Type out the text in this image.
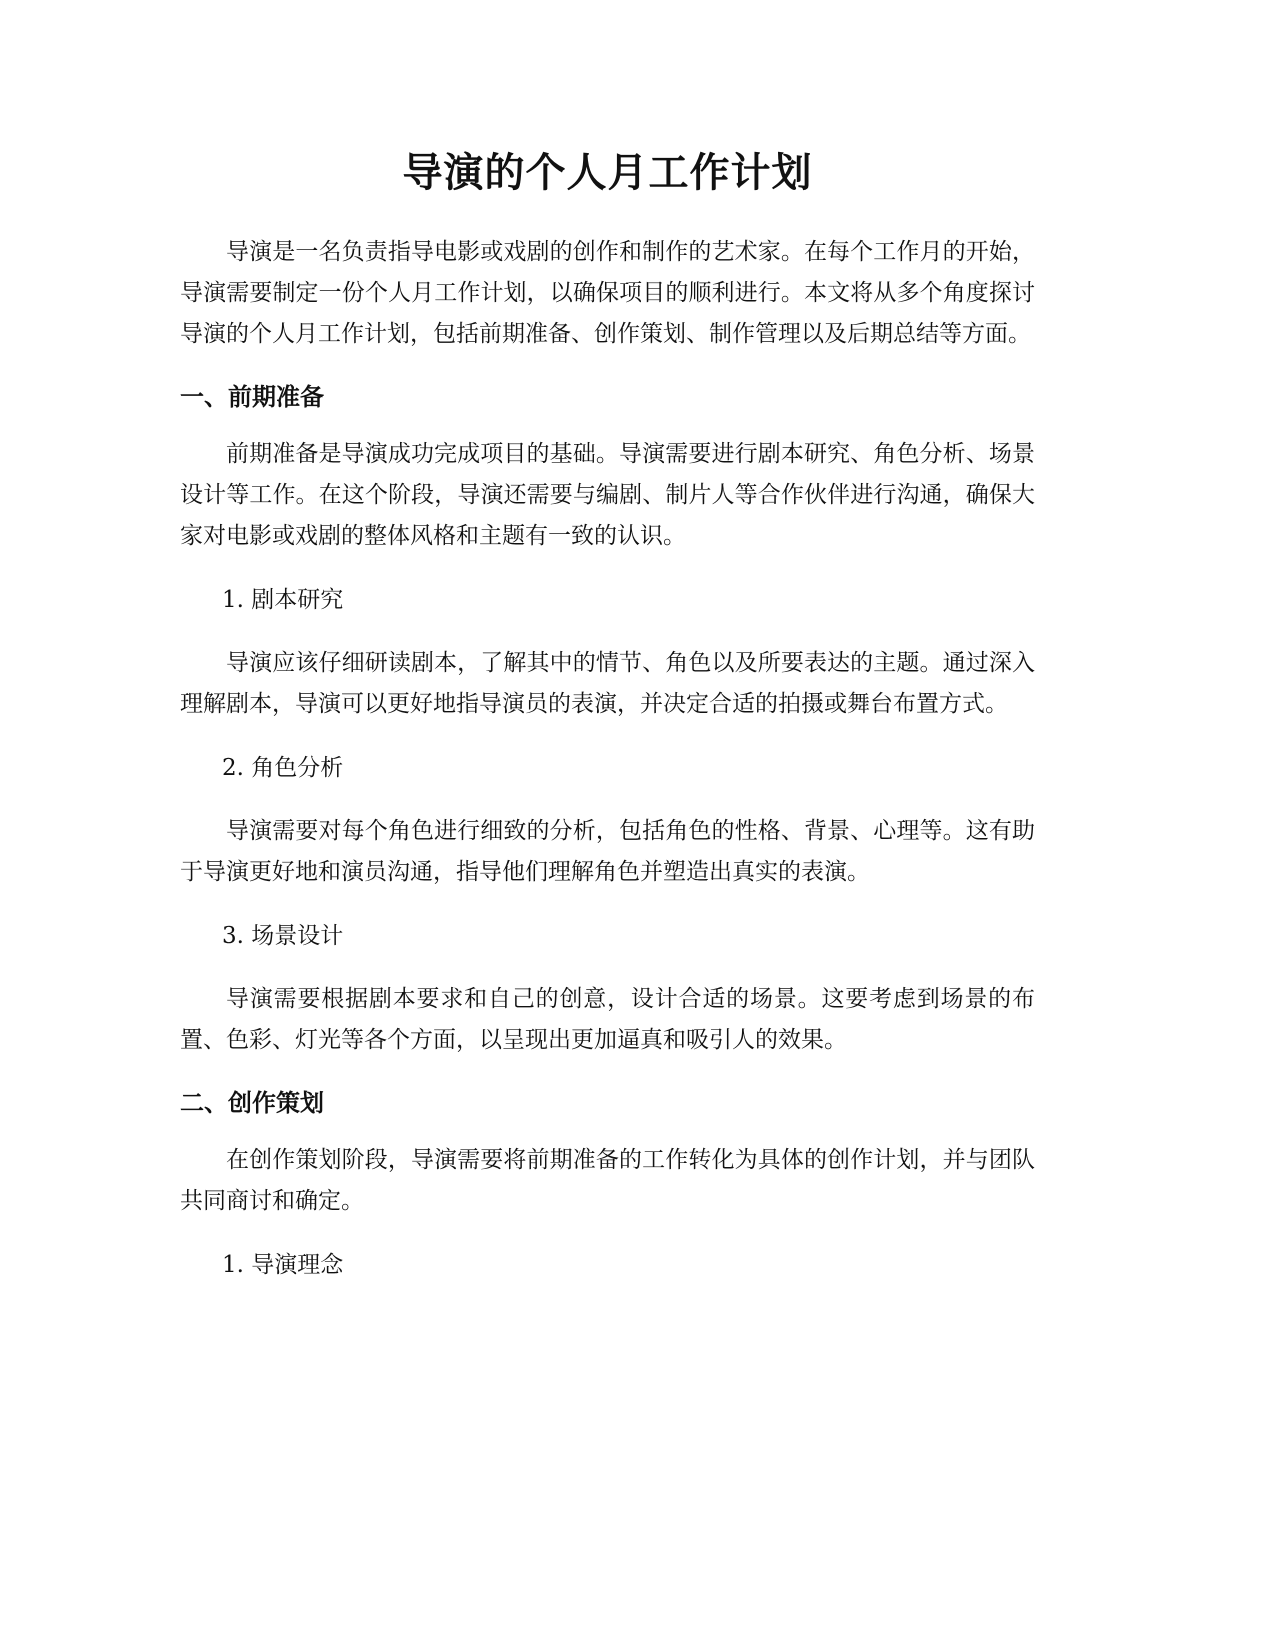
导演的个人月工作计划

导演是一名负责指导电影或戏剧的创作和制作的艺术家。在每个工作月的开始，导演需要制定一份个人月工作计划，以确保项目的顺利进行。本文将从多个角度探讨导演的个人月工作计划，包括前期准备、创作策划、制作管理以及后期总结等方面。

一、前期准备

前期准备是导演成功完成项目的基础。导演需要进行剧本研究、角色分析、场景设计等工作。在这个阶段，导演还需要与编剧、制片人等合作伙伴进行沟通，确保大家对电影或戏剧的整体风格和主题有一致的认识。

1. 剧本研究

导演应该仔细研读剧本，了解其中的情节、角色以及所要表达的主题。通过深入理解剧本，导演可以更好地指导演员的表演，并决定合适的拍摄或舞台布置方式。

2. 角色分析

导演需要对每个角色进行细致的分析，包括角色的性格、背景、心理等。这有助于导演更好地和演员沟通，指导他们理解角色并塑造出真实的表演。

3. 场景设计

导演需要根据剧本要求和自己的创意，设计合适的场景。这要考虑到场景的布置、色彩、灯光等各个方面，以呈现出更加逼真和吸引人的效果。

二、创作策划

在创作策划阶段，导演需要将前期准备的工作转化为具体的创作计划，并与团队共同商讨和确定。

1. 导演理念
